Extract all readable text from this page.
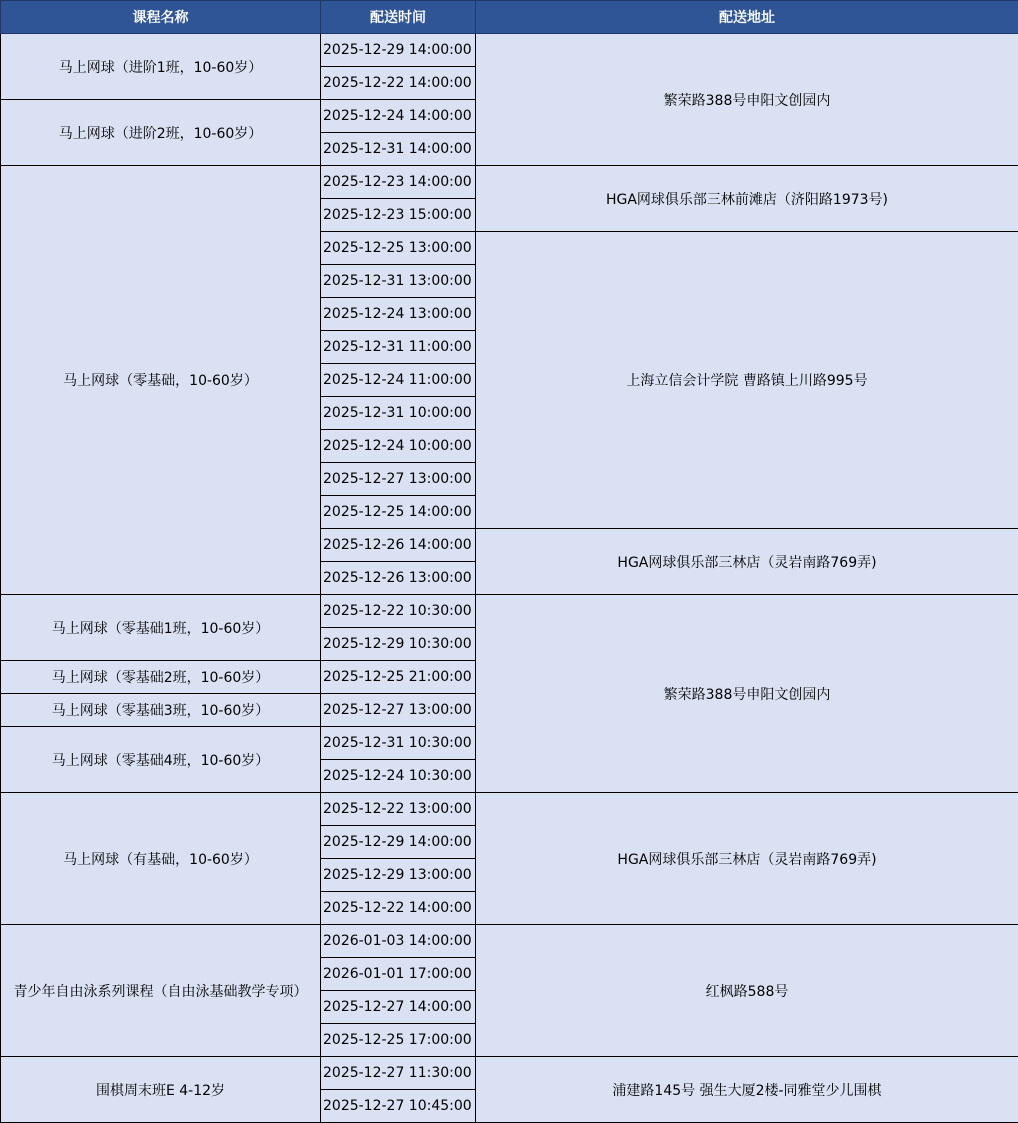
课程名称	配送时间	配送地址
马上网球（进阶1班，10-60岁）	2025-12-29 14:00:00	繁荣路388号申阳文创园内
	2025-12-22 14:00:00	
马上网球（进阶2班，10-60岁）	2025-12-24 14:00:00	
	2025-12-31 14:00:00	
马上网球（零基础，10-60岁）	2025-12-23 14:00:00	HGA网球俱乐部三林前滩店（济阳路1973号)
	2025-12-23 15:00:00	
	2025-12-25 13:00:00	上海立信会计学院 曹路镇上川路995号
	2025-12-31 13:00:00	
	2025-12-24 13:00:00	
	2025-12-31 11:00:00	
	2025-12-24 11:00:00	
	2025-12-31 10:00:00	
	2025-12-24 10:00:00	
	2025-12-27 13:00:00	
	2025-12-25 14:00:00	
	2025-12-26 14:00:00	HGA网球俱乐部三林店（灵岩南路769弄)
	2025-12-26 13:00:00	
马上网球（零基础1班，10-60岁）	2025-12-22 10:30:00	繁荣路388号申阳文创园内
	2025-12-29 10:30:00	
马上网球（零基础2班，10-60岁）	2025-12-25 21:00:00	
马上网球（零基础3班，10-60岁）	2025-12-27 13:00:00	
马上网球（零基础4班，10-60岁）	2025-12-31 10:30:00	
	2025-12-24 10:30:00	
马上网球（有基础，10-60岁）	2025-12-22 13:00:00	HGA网球俱乐部三林店（灵岩南路769弄)
	2025-12-29 14:00:00	
	2025-12-29 13:00:00	
	2025-12-22 14:00:00	
青少年自由泳系列课程（自由泳基础教学专项）	2026-01-03 14:00:00	红枫路588号
	2026-01-01 17:00:00	
	2025-12-27 14:00:00	
	2025-12-25 17:00:00	
围棋周末班E 4-12岁	2025-12-27 11:30:00	浦建路145号 强生大厦2楼-同雅堂少儿围棋
	2025-12-27 10:45:00	
